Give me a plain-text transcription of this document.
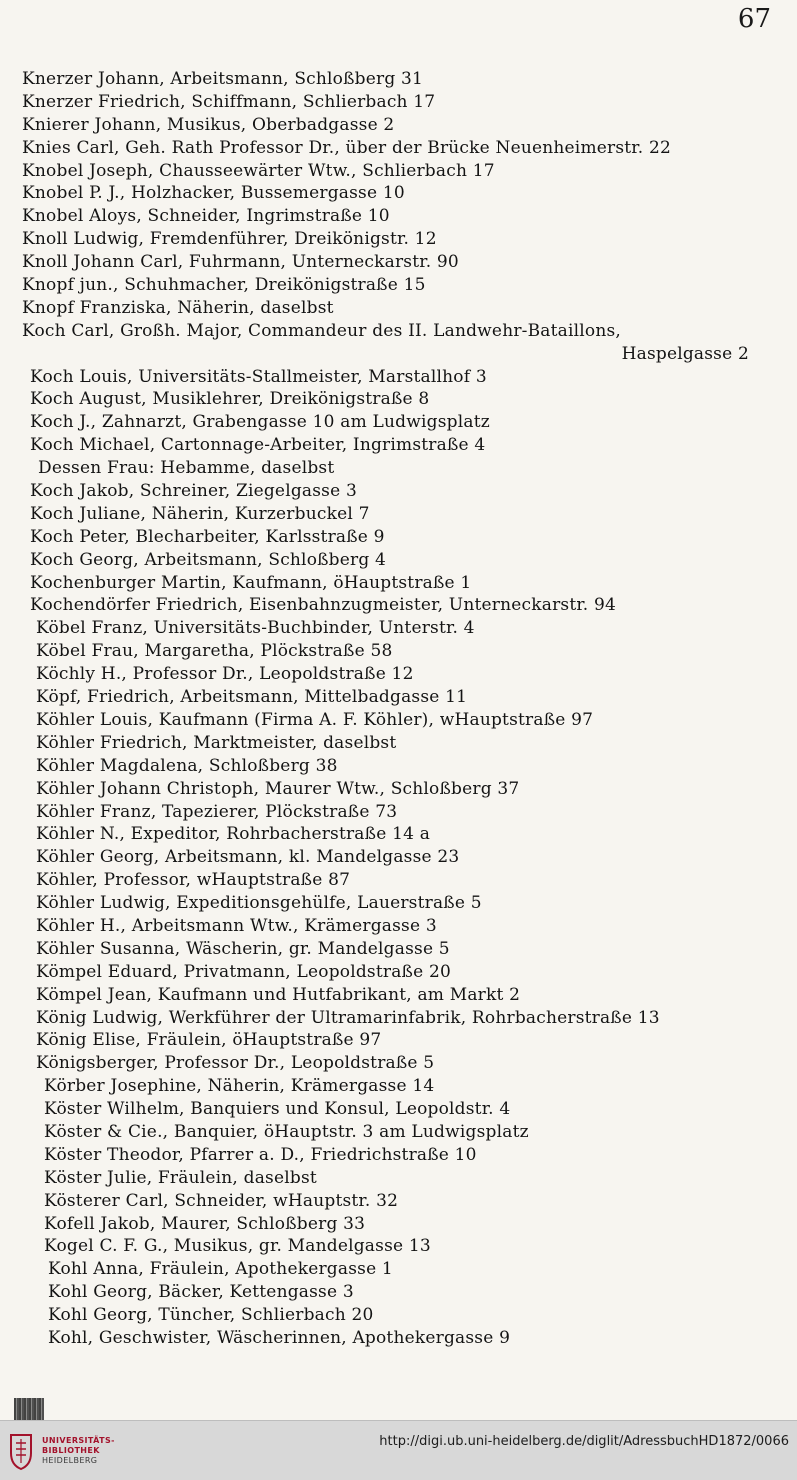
67
Knerzer Johann, Arbeitsmann, Schloßberg 31
Knerzer Friedrich, Schiffmann, Schlierbach 17
Knierer Johann, Musikus, Oberbadgasse 2
Knies Carl, Geh. Rath Professor Dr., über der Brücke Neuenheimerstr. 22
Knobel Joseph, Chausseewärter Wtw., Schlierbach 17
Knobel P. J., Holzhacker, Bussemergasse 10
Knobel Aloys, Schneider, Ingrimstraße 10
Knoll Ludwig, Fremdenführer, Dreikönigstr. 12
Knoll Johann Carl, Fuhrmann, Unterneckarstr. 90
Knopf jun., Schuhmacher, Dreikönigstraße 15
Knopf Franziska, Näherin, daselbst
Koch Carl, Großh. Major, Commandeur des II. Landwehr-Bataillons,
Haspelgasse 2
Koch Louis, Universitäts-Stallmeister, Marstallhof 3
Koch August, Musiklehrer, Dreikönigstraße 8
Koch J., Zahnarzt, Grabengasse 10 am Ludwigsplatz
Koch Michael, Cartonnage-Arbeiter, Ingrimstraße 4
Dessen Frau: Hebamme, daselbst
Koch Jakob, Schreiner, Ziegelgasse 3
Koch Juliane, Näherin, Kurzerbuckel 7
Koch Peter, Blecharbeiter, Karlsstraße 9
Koch Georg, Arbeitsmann, Schloßberg 4
Kochenburger Martin, Kaufmann, öHauptstraße 1
Kochendörfer Friedrich, Eisenbahnzugmeister, Unterneckarstr. 94
Köbel Franz, Universitäts-Buchbinder, Unterstr. 4
Köbel Frau, Margaretha, Plöckstraße 58
Köchly H., Professor Dr., Leopoldstraße 12
Köpf, Friedrich, Arbeitsmann, Mittelbadgasse 11
Köhler Louis, Kaufmann (Firma A. F. Köhler), wHauptstraße 97
Köhler Friedrich, Marktmeister, daselbst
Köhler Magdalena, Schloßberg 38
Köhler Johann Christoph, Maurer Wtw., Schloßberg 37
Köhler Franz, Tapezierer, Plöckstraße 73
Köhler N., Expeditor, Rohrbacherstraße 14 a
Köhler Georg, Arbeitsmann, kl. Mandelgasse 23
Köhler, Professor, wHauptstraße 87
Köhler Ludwig, Expeditionsgehülfe, Lauerstraße 5
Köhler H., Arbeitsmann Wtw., Krämergasse 3
Köhler Susanna, Wäscherin, gr. Mandelgasse 5
Kömpel Eduard, Privatmann, Leopoldstraße 20
Kömpel Jean, Kaufmann und Hutfabrikant, am Markt 2
König Ludwig, Werkführer der Ultramarinfabrik, Rohrbacherstraße 13
König Elise, Fräulein, öHauptstraße 97
Königsberger, Professor Dr., Leopoldstraße 5
Körber Josephine, Näherin, Krämergasse 14
Köster Wilhelm, Banquiers und Konsul, Leopoldstr. 4
Köster & Cie., Banquier, öHauptstr. 3 am Ludwigsplatz
Köster Theodor, Pfarrer a. D., Friedrichstraße 10
Köster Julie, Fräulein, daselbst
Kösterer Carl, Schneider, wHauptstr. 32
Kofell Jakob, Maurer, Schloßberg 33
Kogel C. F. G., Musikus, gr. Mandelgasse 13
Kohl Anna, Fräulein, Apothekergasse 1
Kohl Georg, Bäcker, Kettengasse 3
Kohl Georg, Tüncher, Schlierbach 20
Kohl, Geschwister, Wäscherinnen, Apothekergasse 9
UNIVERSITÄTS-
BIBLIOTHEK
HEIDELBERG
http://digi.ub.uni-heidelberg.de/diglit/AdressbuchHD1872/0066
